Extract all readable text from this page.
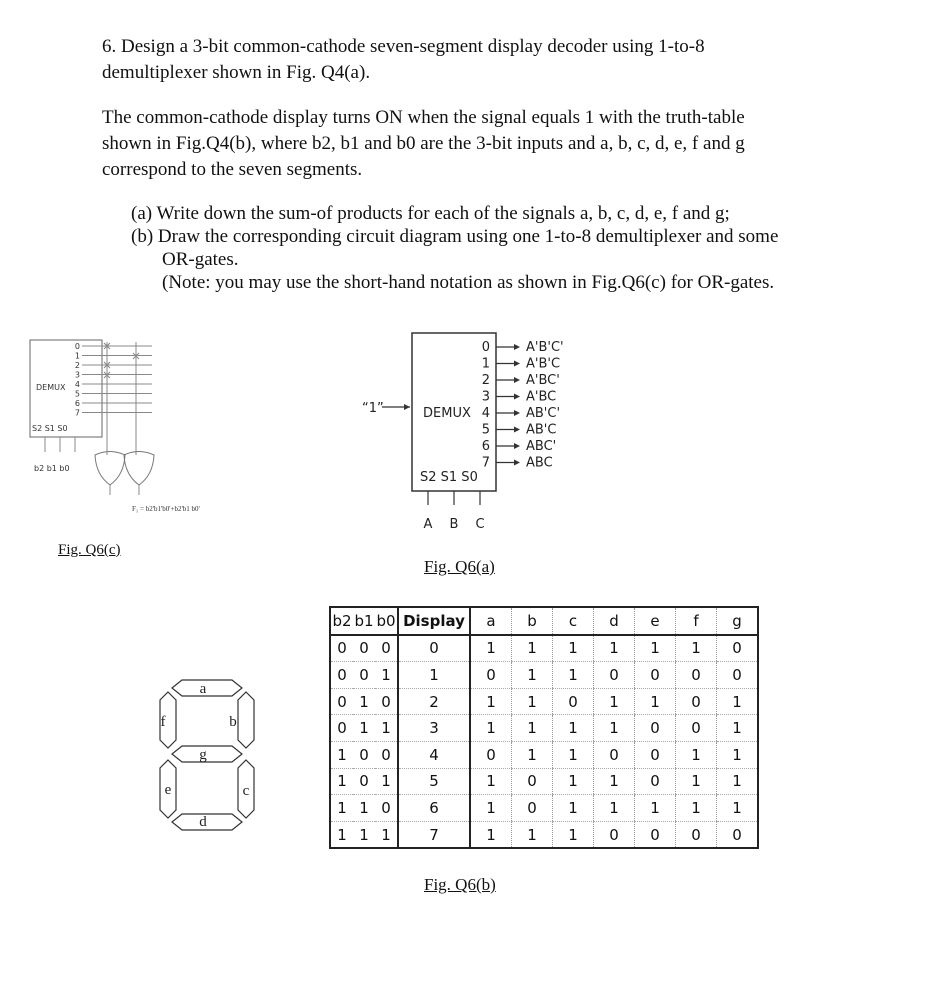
6. Design a 3-bit common-cathode seven-segment display decoder using 1-to-8
demultiplexer shown in Fig. Q4(a).
The common-cathode display turns ON when the signal equals 1 with the truth-table
shown in Fig.Q4(b), where b2, b1 and b0 are the 3-bit inputs and a, b, c, d, e, f and g
correspond to the seven segments.
(a) Write down the sum-of products for each of the signals a, b, c, d, e, f and g;
(b) Draw the corresponding circuit diagram using one 1-to-8 demultiplexer and some
OR-gates.
(Note: you may use the short-hand notation as shown in Fig.Q6(c) for OR-gates.
DEMUX
S2 S1 S0
b2 b1 b0
0
1
2
3
4
5
6
7
F₁ = b2'b1'b0'+b2'b1 b0'
Fig. Q6(c)
“1”	DEMUX
S2 S1 S0
0
1
2
3
4
5
6
7
A'B'C'
A'B'C
A'BC'
A'BC
AB'C'
AB'C
ABC'
ABC
A B C
Fig. Q6(a)
a
b
c
d
e
f
g
b2	b1	b0	Display	a	b	c	d	e	f	g
0	0	0	0	1	1	1	1	1	1	0
0	0	1	1	0	1	1	0	0	0	0
0	1	0	2	1	1	0	1	1	0	1
0	1	1	3	1	1	1	1	0	0	1
1	0	0	4	0	1	1	0	0	1	1
1	0	1	5	1	0	1	1	0	1	1
1	1	0	6	1	0	1	1	1	1	1
1	1	1	7	1	1	1	0	0	0	0
Fig. Q6(b)
